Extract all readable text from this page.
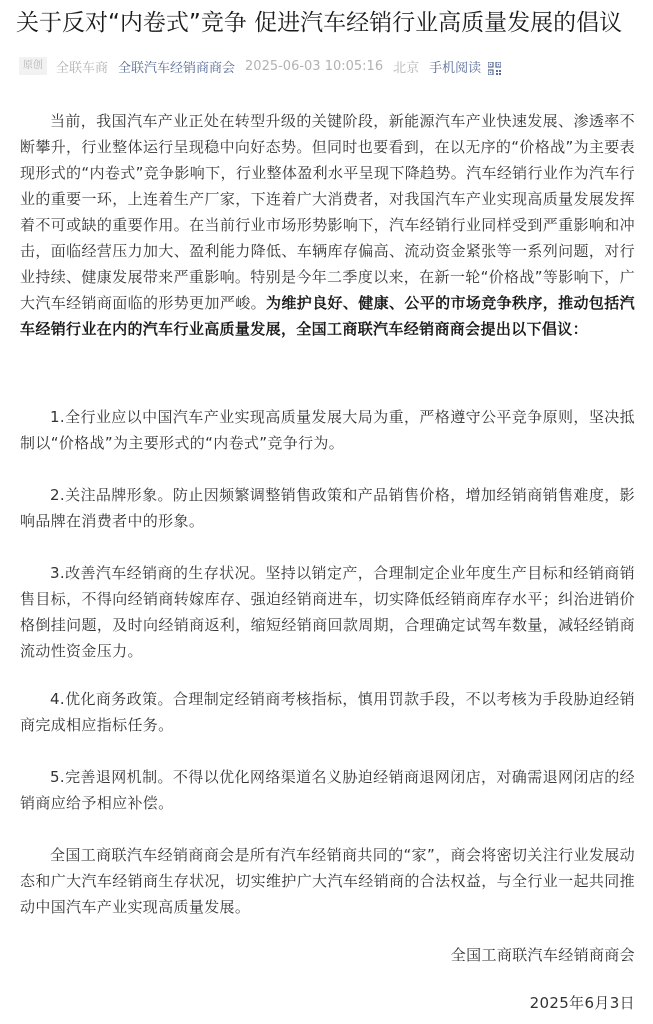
关于反对“内卷式”竞争 促进汽车经销行业高质量发展的倡议
原创	全联车商 全联汽车经销商商会 2025-06-03 10:05:16 北京 手机阅读

当前，我国汽车产业正处在转型升级的关键阶段，新能源汽车产业快速发展、渗透率不断攀升，行业整体运行呈现稳中向好态势。但同时也要看到，在以无序的“价格战”为主要表现形式的“内卷式”竞争影响下，行业整体盈利水平呈现下降趋势。汽车经销行业作为汽车行业的重要一环，上连着生产厂家，下连着广大消费者，对我国汽车产业实现高质量发展发挥着不可或缺的重要作用。在当前行业市场形势影响下，汽车经销行业同样受到严重影响和冲击，面临经营压力加大、盈利能力降低、车辆库存偏高、流动资金紧张等一系列问题，对行业持续、健康发展带来严重影响。特别是今年二季度以来，在新一轮“价格战”等影响下，广大汽车经销商面临的形势更加严峻。为维护良好、健康、公平的市场竞争秩序，推动包括汽车经销行业在内的汽车行业高质量发展，全国工商联汽车经销商商会提出以下倡议：

1.全行业应以中国汽车产业实现高质量发展大局为重，严格遵守公平竞争原则，坚决抵制以“价格战”为主要形式的“内卷式”竞争行为。

2.关注品牌形象。防止因频繁调整销售政策和产品销售价格，增加经销商销售难度，影响品牌在消费者中的形象。

3.改善汽车经销商的生存状况。坚持以销定产，合理制定企业年度生产目标和经销商销售目标，不得向经销商转嫁库存、强迫经销商进车，切实降低经销商库存水平；纠治进销价格倒挂问题，及时向经销商返利，缩短经销商回款周期，合理确定试驾车数量，减轻经销商流动性资金压力。

4.优化商务政策。合理制定经销商考核指标，慎用罚款手段，不以考核为手段胁迫经销商完成相应指标任务。

5.完善退网机制。不得以优化网络渠道名义胁迫经销商退网闭店，对确需退网闭店的经销商应给予相应补偿。

全国工商联汽车经销商商会是所有汽车经销商共同的“家”，商会将密切关注行业发展动态和广大汽车经销商生存状况，切实维护广大汽车经销商的合法权益，与全行业一起共同推动中国汽车产业实现高质量发展。

全国工商联汽车经销商商会

2025年6月3日
